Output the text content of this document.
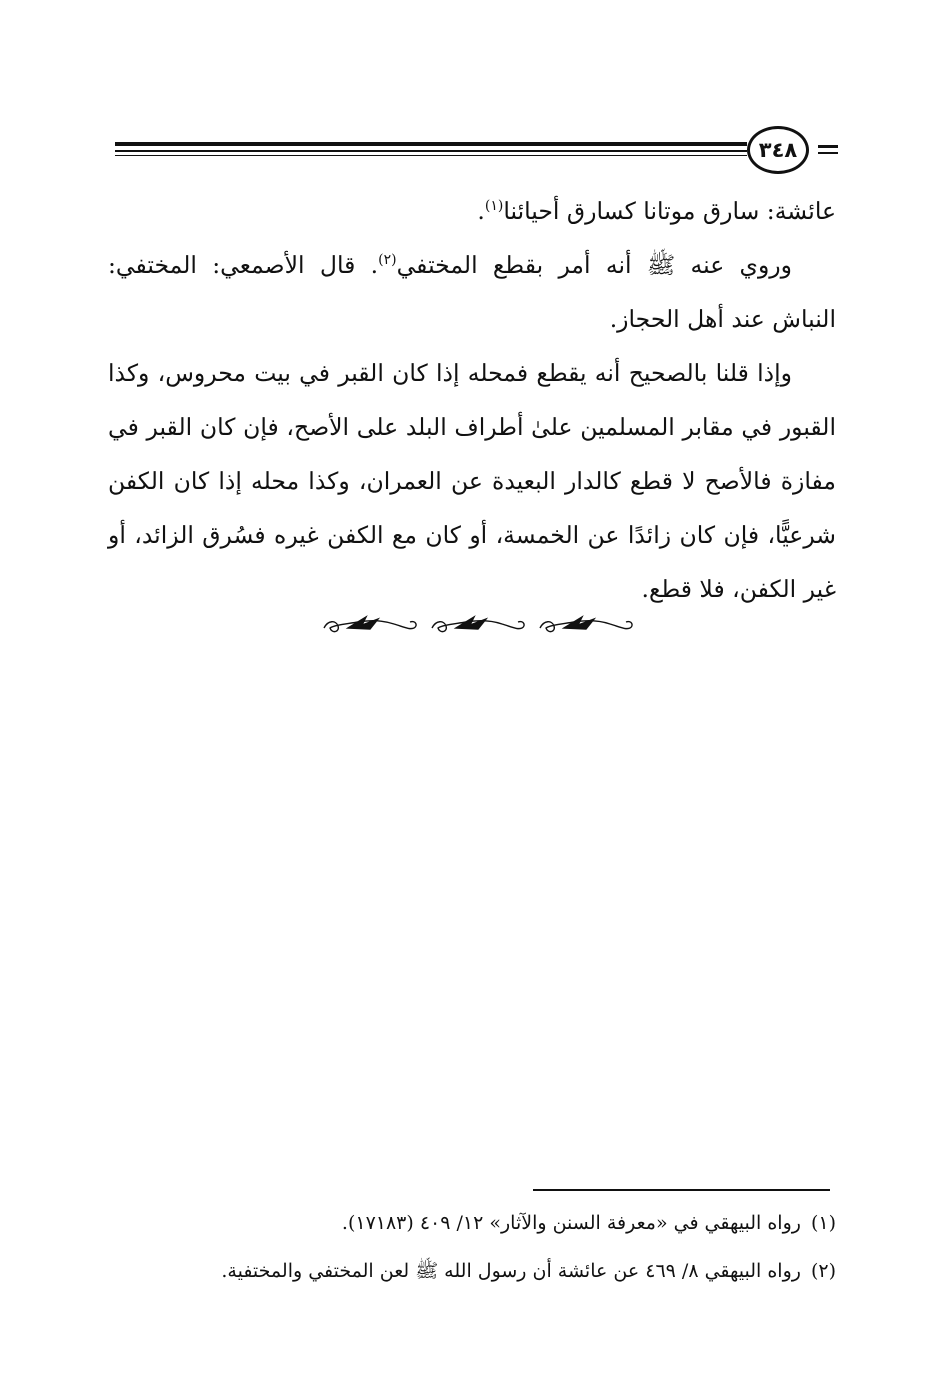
٣٤٨

عائشة: سارق موتانا كسارق أحيائنا$^{(١)}$.

وروي عنه ﷺ أنه أمر بقطع المختفي$^{(٢)}$. قال الأصمعي: المختفي: النباش عند أهل الحجاز.

وإذا قلنا بالصحيح أنه يقطع فمحله إذا كان القبر في بيت محروس، وكذا القبور في مقابر المسلمين علىٰ أطراف البلد على الأصح، فإن كان القبر في مفازة فالأصح لا قطع كالدار البعيدة عن العمران، وكذا محله إذا كان الكفن شرعيًّا، فإن كان زائدًا عن الخمسة، أو كان مع الكفن غيره فسُرق الزائد، أو غير الكفن، فلا قطع.

(١)رواه البيهقي في «معرفة السنن والآثار» ١٢/ ٤٠٩ (١٧١٨٣).

(٢)رواه البيهقي ٨/ ٤٦٩ عن عائشة أن رسول الله ﷺ لعن المختفي والمختفية.
